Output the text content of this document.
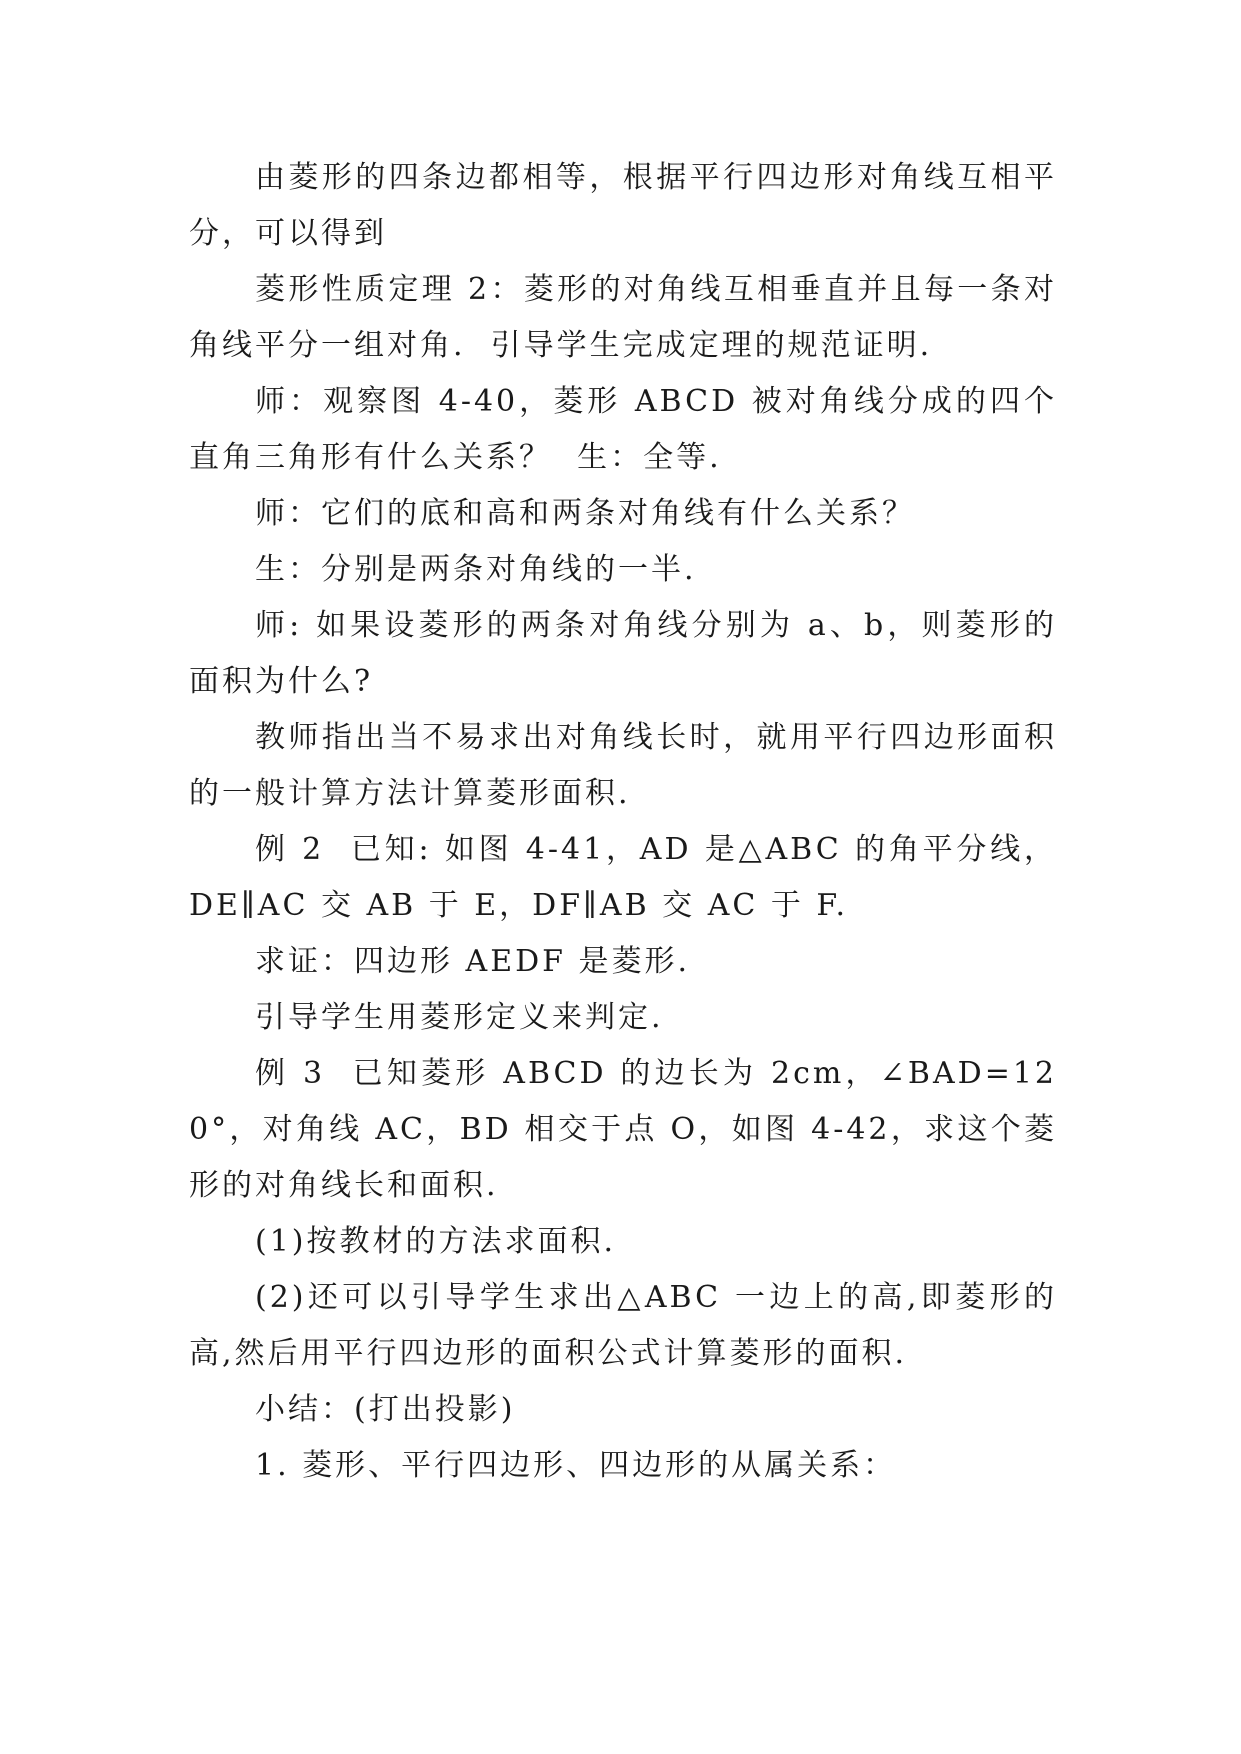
由菱形的四条边都相等，根据平行四边形对角线互相平分，可以得到

菱形性质定理 2：菱形的对角线互相垂直并且每一条对角线平分一组对角.  引导学生完成定理的规范证明.

师：观察图 4-40，菱形 ABCD 被对角线分成的四个直角三角形有什么关系？  生：全等.

师：它们的底和高和两条对角线有什么关系？

生：分别是两条对角线的一半.

师: 如果设菱形的两条对角线分别为 a、b，则菱形的面积为什么?

教师指出当不易求出对角线长时，就用平行四边形面积的一般计算方法计算菱形面积.

例 2  已知: 如图 4-41，AD 是△ABC 的角平分线，DE∥AC 交 AB 于 E，DF∥AB 交 AC 于 F.

求证：四边形 AEDF 是菱形.

引导学生用菱形定义来判定.

例 3  已知菱形 ABCD 的边长为 2cm，∠BAD=120°，对角线 AC，BD 相交于点 O，如图 4-42，求这个菱形的对角线长和面积.

(1)按教材的方法求面积.

(2)还可以引导学生求出△ABC 一边上的高,即菱形的高,然后用平行四边形的面积公式计算菱形的面积.

小结：(打出投影)

1. 菱形、平行四边形、四边形的从属关系：
